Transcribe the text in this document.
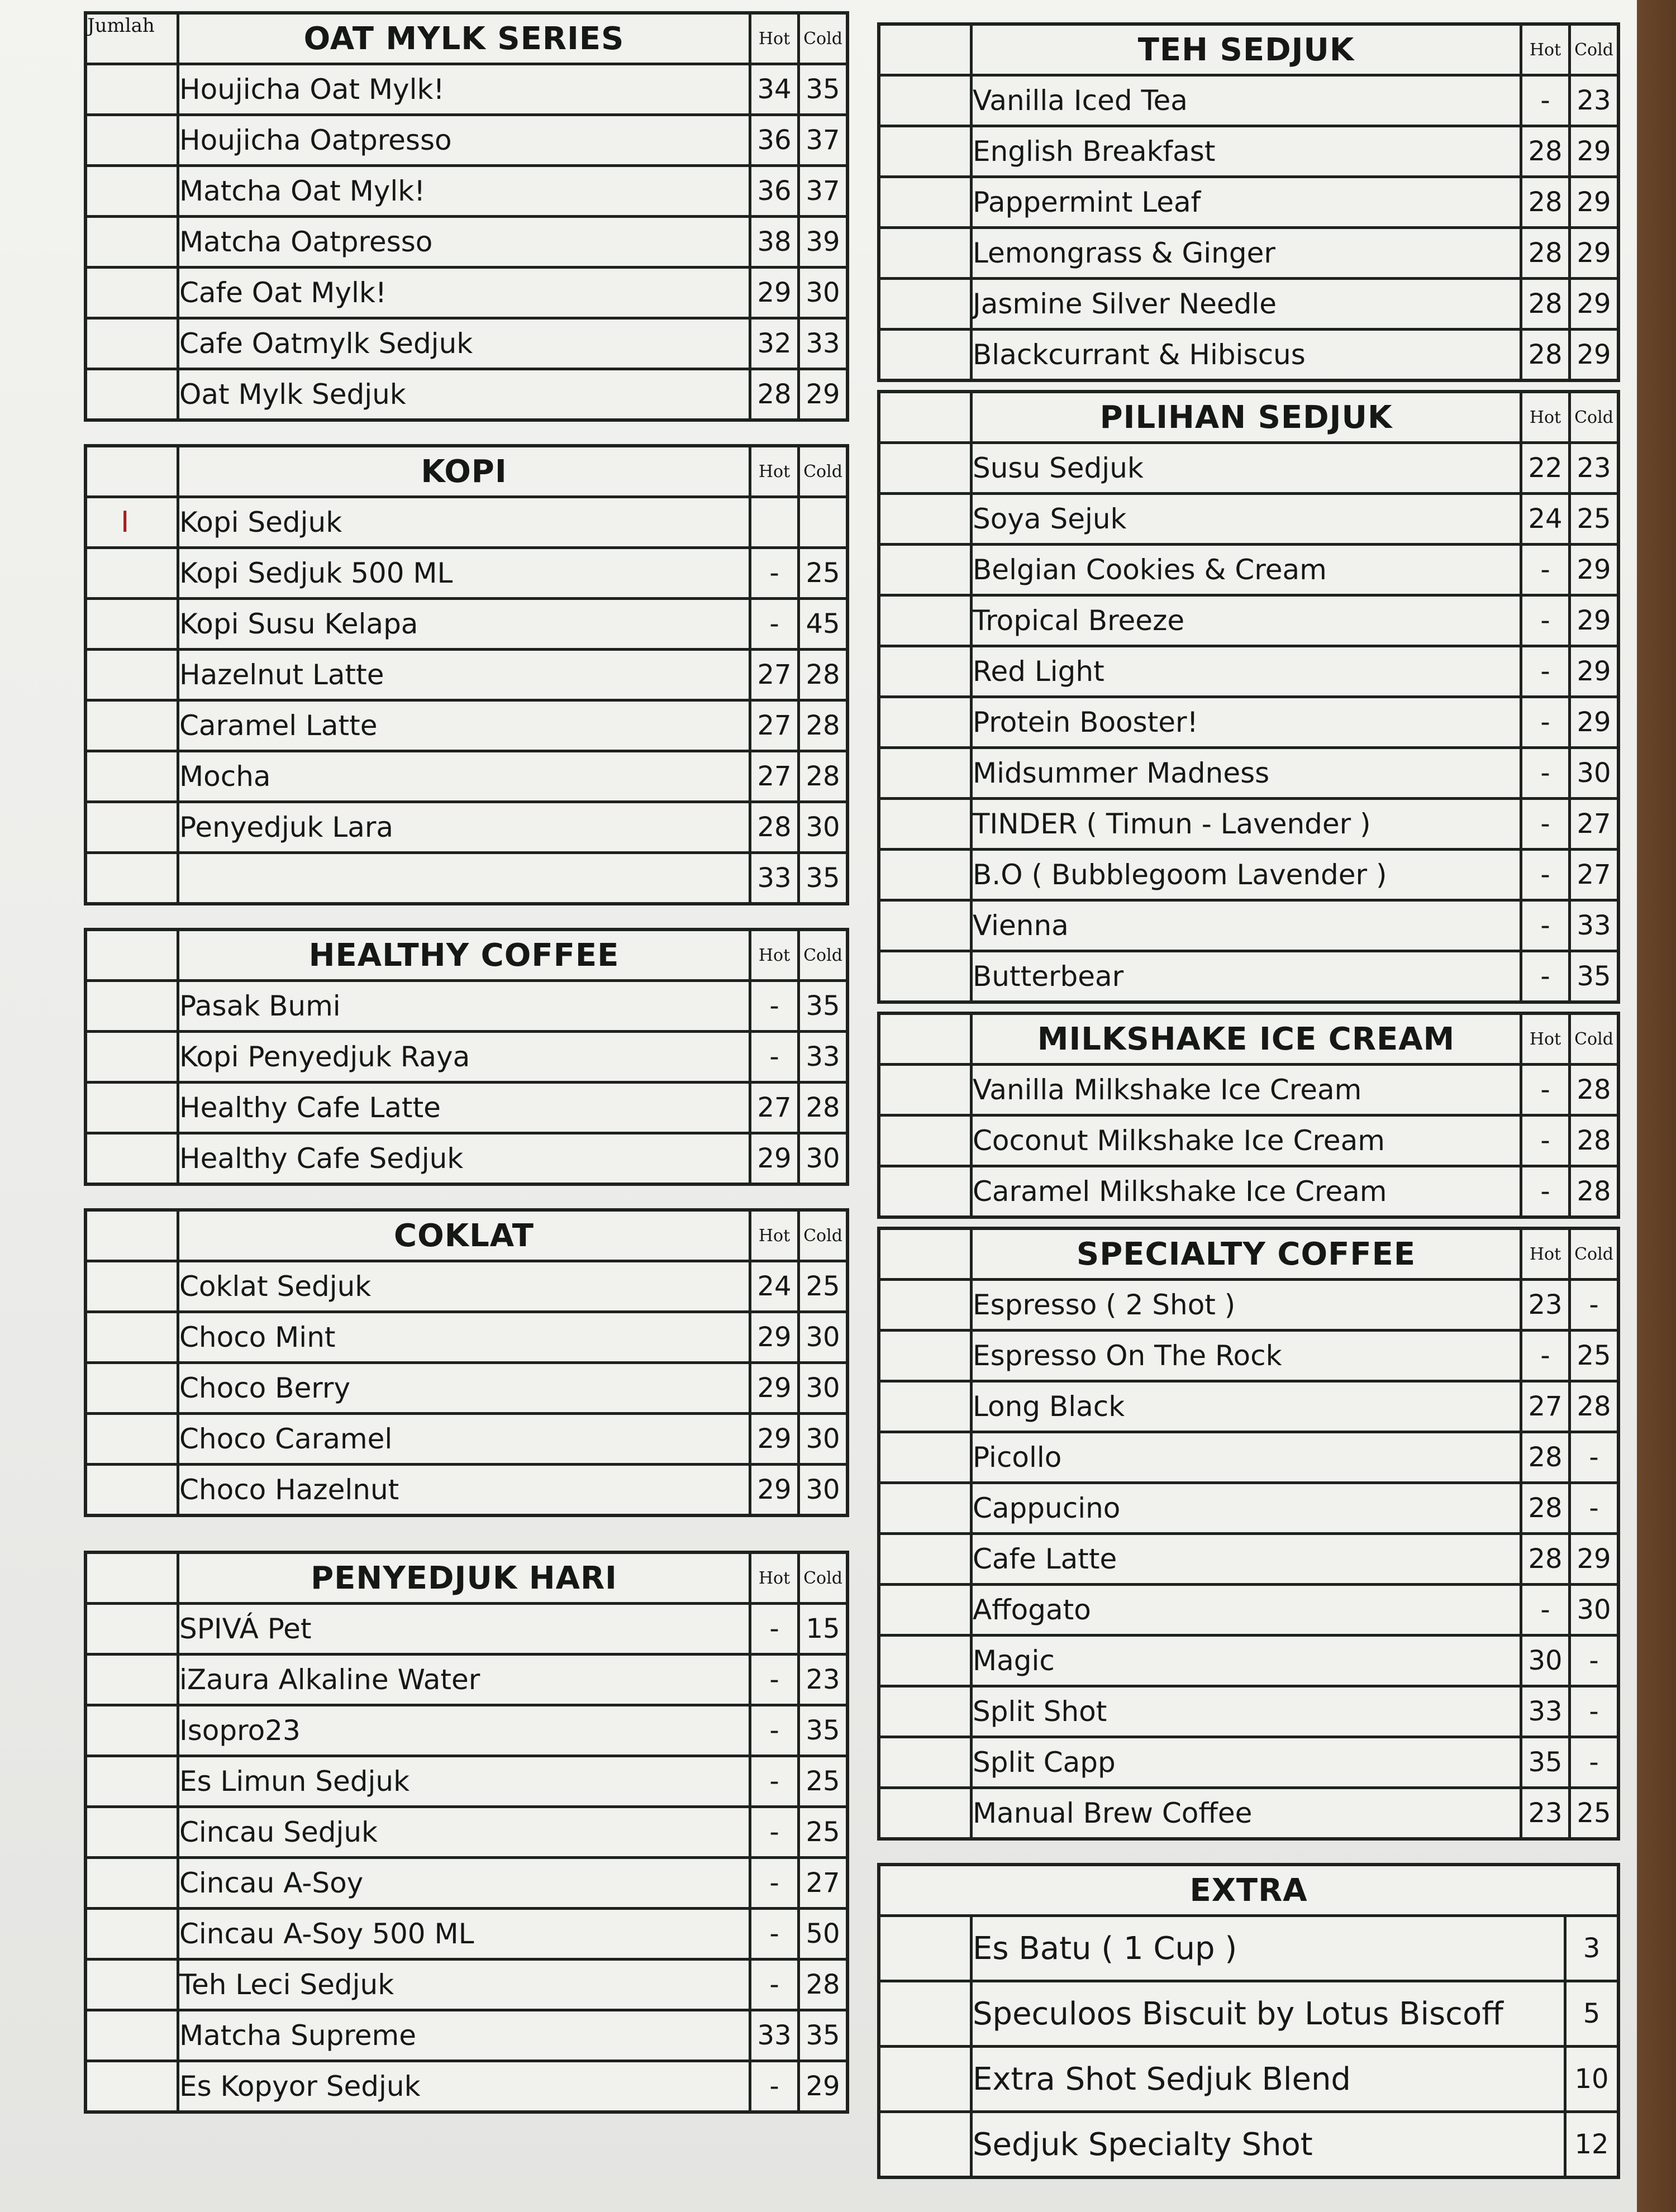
Jumlah	OAT MYLK SERIES	Hot	Cold
	Houjicha Oat Mylk!	34	35
	Houjicha Oatpresso	36	37
	Matcha Oat Mylk!	36	37
	Matcha Oatpresso	38	39
	Cafe Oat Mylk!	29	30
	Cafe Oatmylk Sedjuk	32	33
	Oat Mylk Sedjuk	28	29
	KOPI	Hot	Cold
I	Kopi Sedjuk		
	Kopi Sedjuk 500 ML	-	25
	Kopi Susu Kelapa	-	45
	Hazelnut Latte	27	28
	Caramel Latte	27	28
	Mocha	27	28
	Penyedjuk Lara	28	30
		33	35
	HEALTHY COFFEE	Hot	Cold
	Pasak Bumi	-	35
	Kopi Penyedjuk Raya	-	33
	Healthy Cafe Latte	27	28
	Healthy Cafe Sedjuk	29	30
	COKLAT	Hot	Cold
	Coklat Sedjuk	24	25
	Choco Mint	29	30
	Choco Berry	29	30
	Choco Caramel	29	30
	Choco Hazelnut	29	30
	PENYEDJUK HARI	Hot	Cold
	SPIVÁ Pet	-	15
	iZaura Alkaline Water	-	23
	Isopro23	-	35
	Es Limun Sedjuk	-	25
	Cincau Sedjuk	-	25
	Cincau A-Soy	-	27
	Cincau A-Soy 500 ML	-	50
	Teh Leci Sedjuk	-	28
	Matcha Supreme	33	35
	Es Kopyor Sedjuk	-	29
	TEH SEDJUK	Hot	Cold
	Vanilla Iced Tea	-	23
	English Breakfast	28	29
	Pappermint Leaf	28	29
	Lemongrass & Ginger	28	29
	Jasmine Silver Needle	28	29
	Blackcurrant & Hibiscus	28	29
	PILIHAN SEDJUK	Hot	Cold
	Susu Sedjuk	22	23
	Soya Sejuk	24	25
	Belgian Cookies & Cream	-	29
	Tropical Breeze	-	29
	Red Light	-	29
	Protein Booster!	-	29
	Midsummer Madness	-	30
	TINDER ( Timun - Lavender )	-	27
	B.O ( Bubblegoom Lavender )	-	27
	Vienna	-	33
	Butterbear	-	35
	MILKSHAKE ICE CREAM	Hot	Cold
	Vanilla Milkshake Ice Cream	-	28
	Coconut Milkshake Ice Cream	-	28
	Caramel Milkshake Ice Cream	-	28
	SPECIALTY COFFEE	Hot	Cold
	Espresso ( 2 Shot )	23	-
	Espresso On The Rock	-	25
	Long Black	27	28
	Picollo	28	-
	Cappucino	28	-
	Cafe Latte	28	29
	Affogato	-	30
	Magic	30	-
	Split Shot	33	-
	Split Capp	35	-
	Manual Brew Coffee	23	25
EXTRA		
	Es Batu ( 1 Cup )	3
	Speculoos Biscuit by Lotus Biscoff	5
	Extra Shot Sedjuk Blend	10
	Sedjuk Specialty Shot	12
